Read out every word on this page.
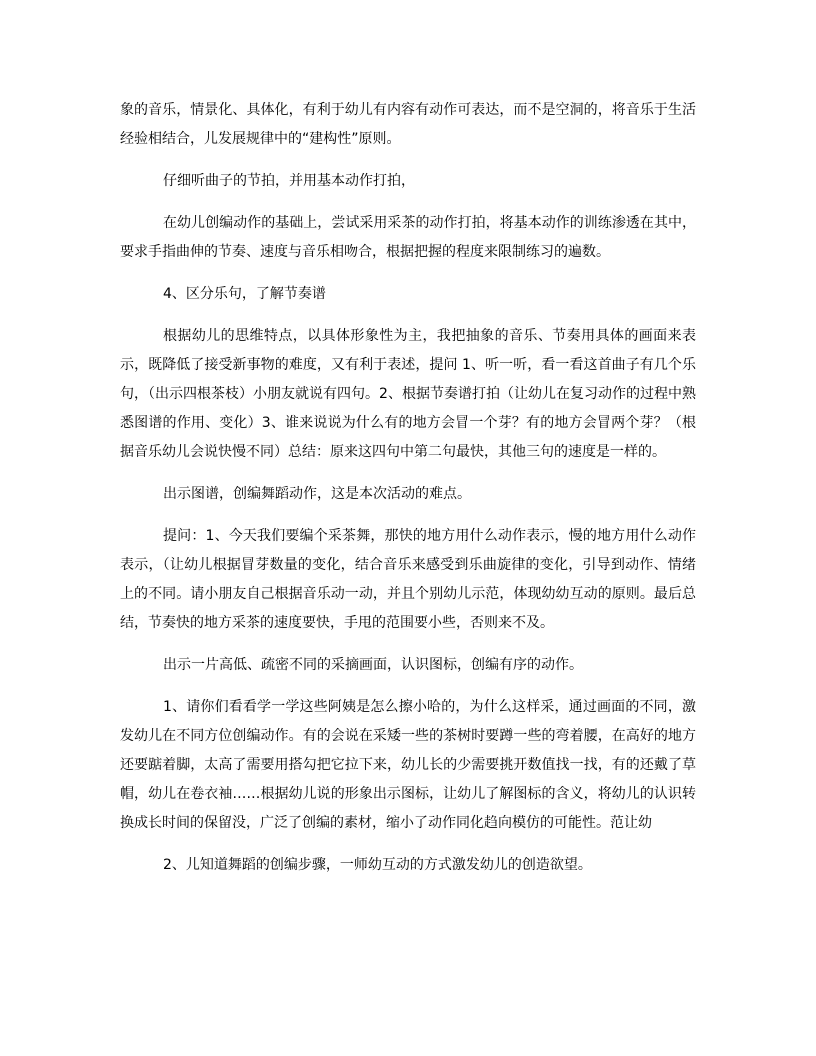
象的音乐，情景化、具体化，有利于幼儿有内容有动作可表达，而不是空洞的，将音乐于生活经验相结合，儿发展规律中的“建构性”原则。

仔细听曲子的节拍，并用基本动作打拍，

在幼儿创编动作的基础上，尝试采用采茶的动作打拍，将基本动作的训练渗透在其中，要求手指曲伸的节奏、速度与音乐相吻合，根据把握的程度来限制练习的遍数。

4、区分乐句，了解节奏谱

根据幼儿的思维特点，以具体形象性为主，我把抽象的音乐、节奏用具体的画面来表示，既降低了接受新事物的难度，又有利于表述，提问 1、听一听，看一看这首曲子有几个乐句，（出示四根茶枝）小朋友就说有四句。2、根据节奏谱打拍（让幼儿在复习动作的过程中熟悉图谱的作用、变化）3、谁来说说为什么有的地方会冒一个芽？有的地方会冒两个芽？（根据音乐幼儿会说快慢不同）总结：原来这四句中第二句最快，其他三句的速度是一样的。

出示图谱，创编舞蹈动作，这是本次活动的难点。

提问：1、今天我们要编个采茶舞，那快的地方用什么动作表示，慢的地方用什么动作表示，（让幼儿根据冒芽数量的变化，结合音乐来感受到乐曲旋律的变化，引导到动作、情绪上的不同。请小朋友自己根据音乐动一动，并且个别幼儿示范，体现幼幼互动的原则。最后总结，节奏快的地方采茶的速度要快，手甩的范围要小些，否则来不及。

出示一片高低、疏密不同的采摘画面，认识图标，创编有序的动作。

1、请你们看看学一学这些阿姨是怎么擦小哈的，为什么这样采，通过画面的不同，激发幼儿在不同方位创编动作。有的会说在采矮一些的茶树时要蹲一些的弯着腰，在高好的地方还要踮着脚，太高了需要用搭勾把它拉下来，幼儿长的少需要挑开数值找一找，有的还戴了草帽，幼儿在卷衣袖……根据幼儿说的形象出示图标，让幼儿了解图标的含义，将幼儿的认识转换成长时间的保留没，广泛了创编的素材，缩小了动作同化趋向模仿的可能性。范让幼

2、儿知道舞蹈的创编步骤，一师幼互动的方式激发幼儿的创造欲望。
